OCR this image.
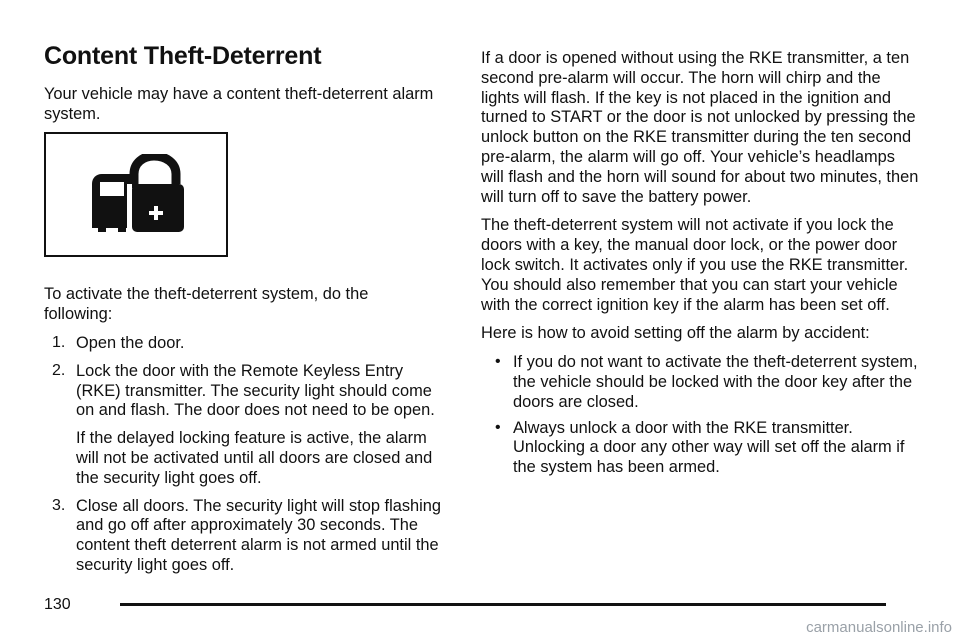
Content Theft-Deterrent

Your vehicle may have a content theft-deterrent alarm system.

To activate the theft-deterrent system, do the following:

1. Open the door.

2. Lock the door with the Remote Keyless Entry (RKE) transmitter. The security light should come on and flash. The door does not need to be open.

If the delayed locking feature is active, the alarm will not be activated until all doors are closed and the security light goes off.

3. Close all doors. The security light will stop flashing and go off after approximately 30 seconds. The content theft deterrent alarm is not armed until the security light goes off.

If a door is opened without using the RKE transmitter, a ten second pre-alarm will occur. The horn will chirp and the lights will flash. If the key is not placed in the ignition and turned to START or the door is not unlocked by pressing the unlock button on the RKE transmitter during the ten second pre-alarm, the alarm will go off. Your vehicle’s headlamps will flash and the horn will sound for about two minutes, then will turn off to save the battery power.

The theft-deterrent system will not activate if you lock the doors with a key, the manual door lock, or the power door lock switch. It activates only if you use the RKE transmitter. You should also remember that you can start your vehicle with the correct ignition key if the alarm has been set off.

Here is how to avoid setting off the alarm by accident:

• If you do not want to activate the theft-deterrent system, the vehicle should be locked with the door key after the doors are closed.

• Always unlock a door with the RKE transmitter. Unlocking a door any other way will set off the alarm if the system has been armed.

130
carmanualsonline.info
